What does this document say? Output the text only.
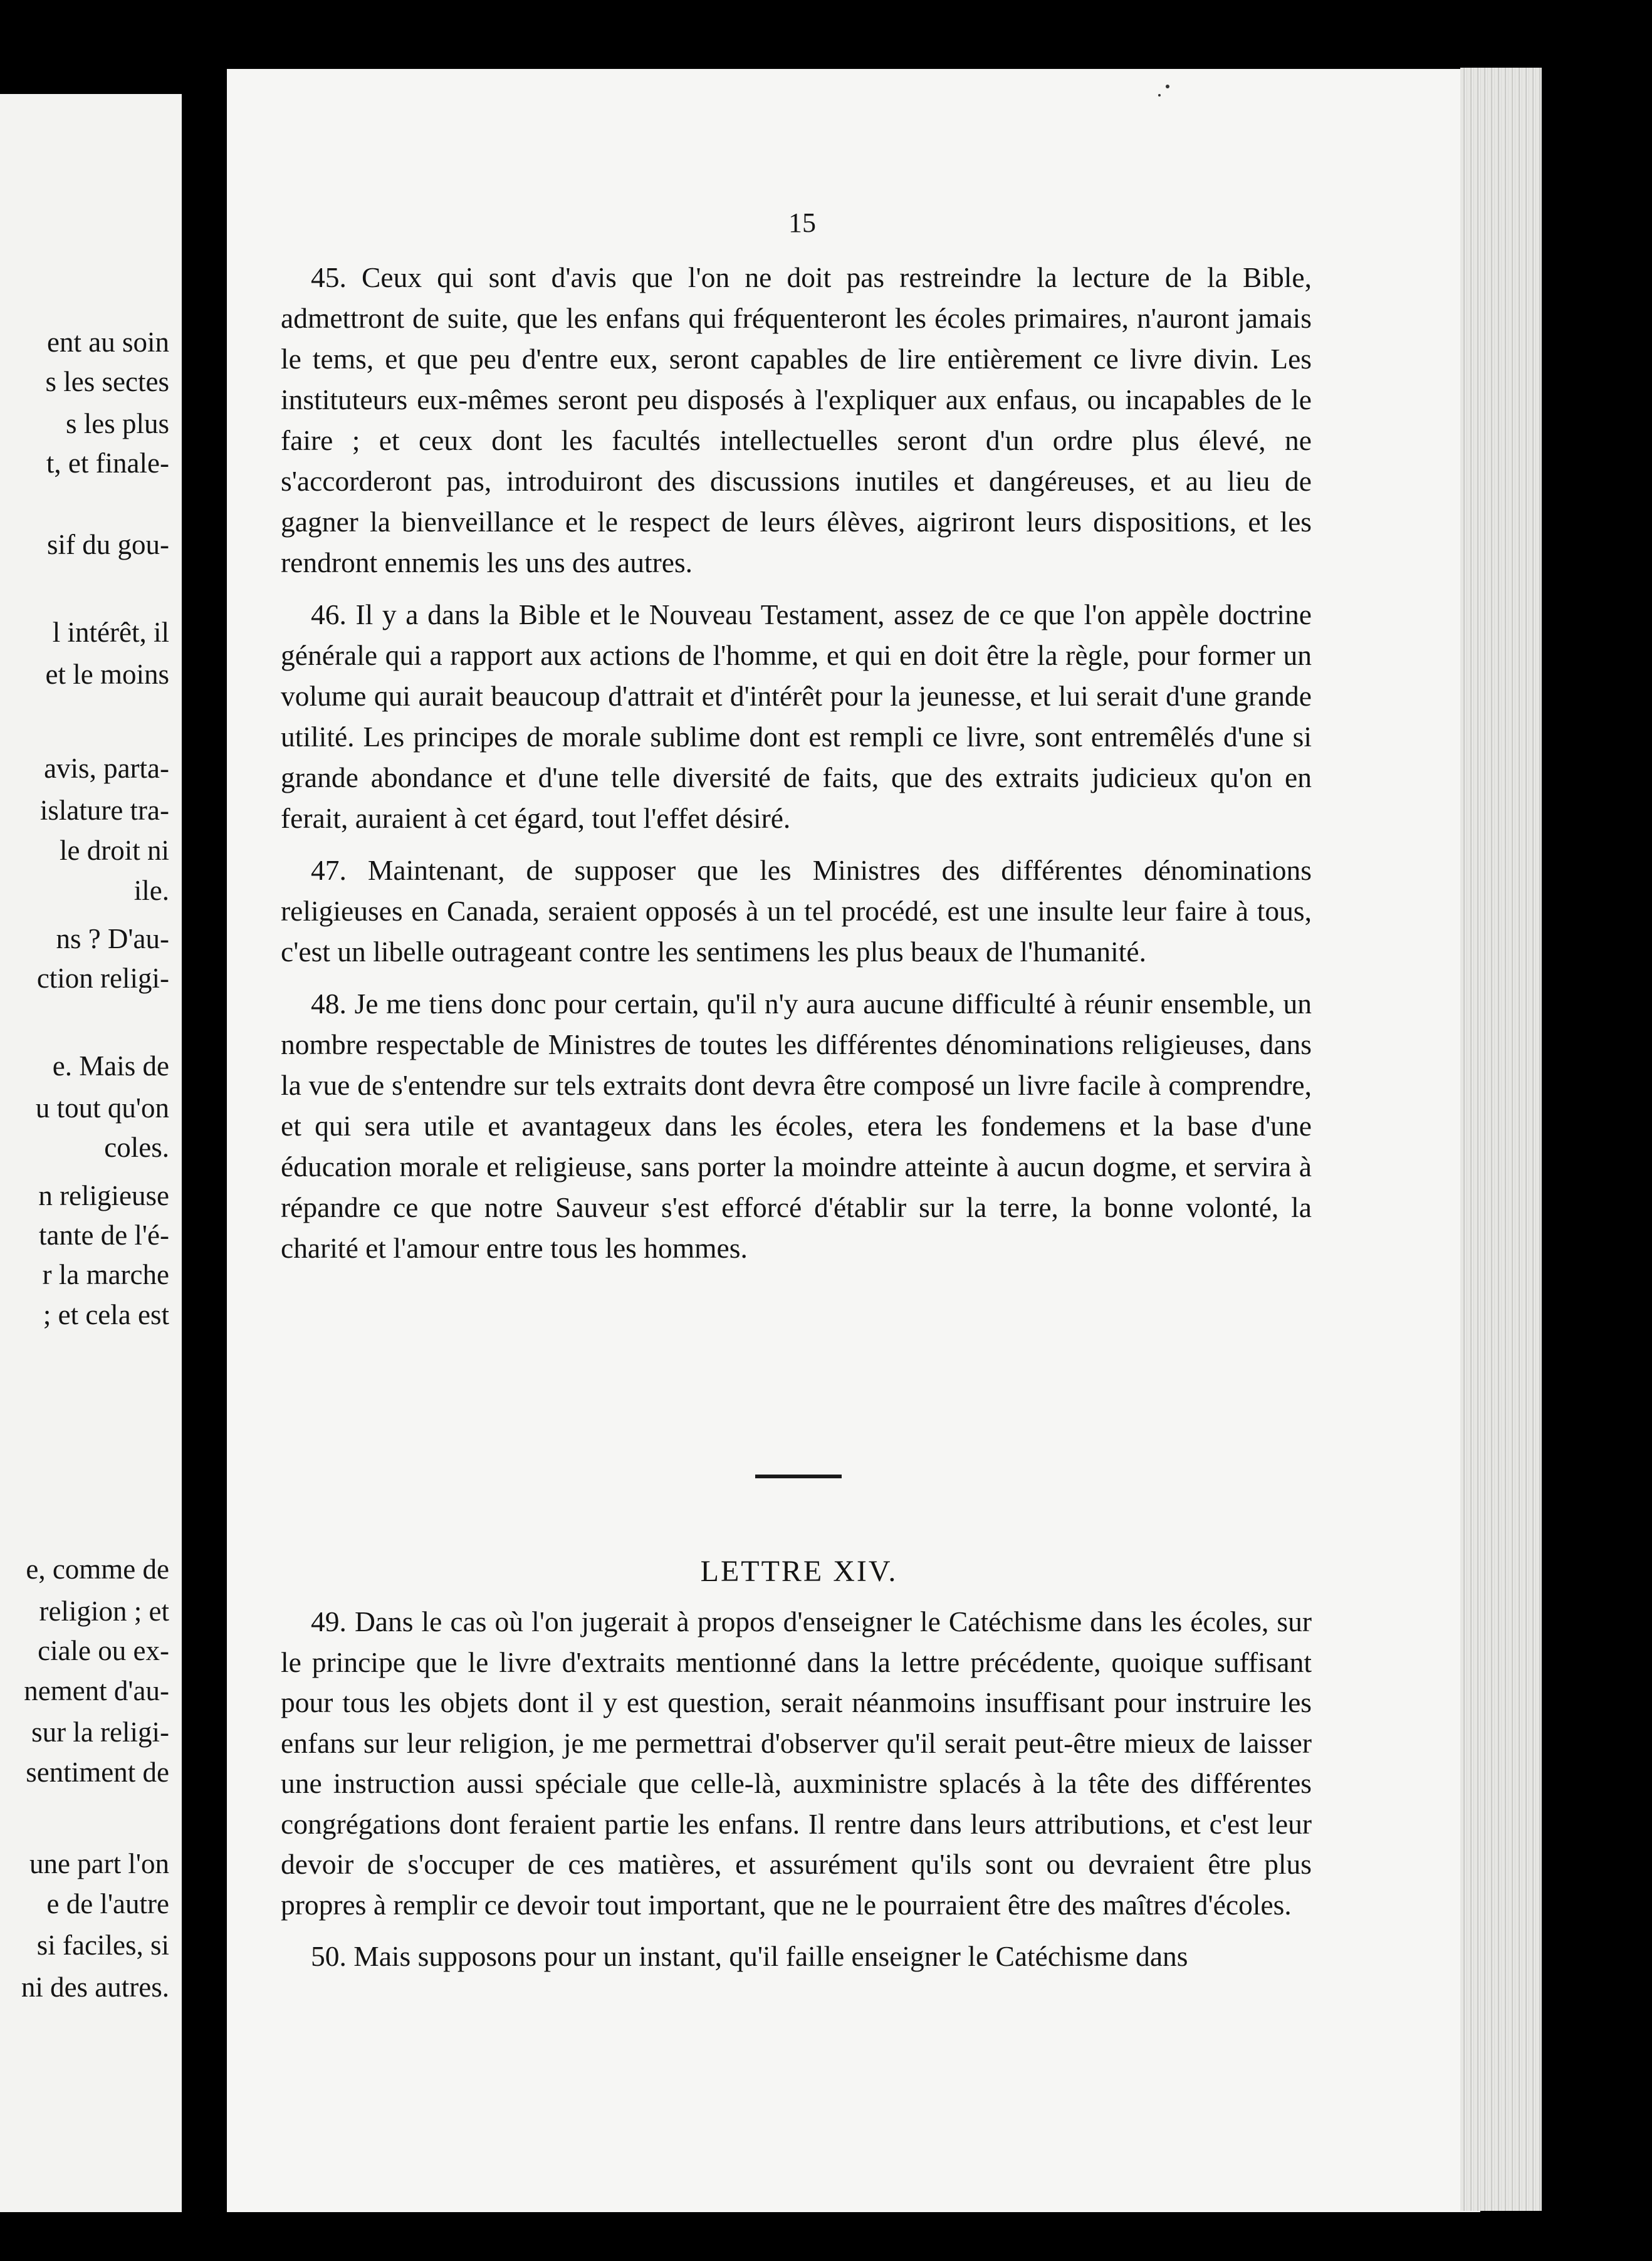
ent au soin
s les sectes
s les plus
t, et finale-
sif du gou-
l intérêt, il
et le moins
avis, parta-
islature tra-
le droit ni
ile.
ns ? D'au-
ction religi-
e. Mais de
u tout qu'on
coles.
n religieuse
tante de l'é-
r la marche
; et cela est
e, comme de
religion ; et
ciale ou ex-
nement d'au-
sur la religi-
sentiment de
une part l'on
e de l'autre
si faciles, si
ni des autres.
15

45. Ceux qui sont d'avis que l'on ne doit pas restreindre la lecture de la Bible, admettront de suite, que les enfans qui fréquenteront les écoles primaires, n'auront jamais le tems, et que peu d'entre eux, seront capables de lire entièrement ce livre divin. Les instituteurs eux-mêmes seront peu disposés à l'expliquer aux enfaus, ou incapables de le faire ; et ceux dont les facultés intellectuelles seront d'un ordre plus élevé, ne s'accorderont pas, introduiront des discussions inutiles et dangéreuses, et au lieu de gagner la bienveillance et le respect de leurs élèves, aigriront leurs dispositions, et les rendront ennemis les uns des autres.

46. Il y a dans la Bible et le Nouveau Testament, assez de ce que l'on appèle doctrine générale qui a rapport aux actions de l'homme, et qui en doit être la règle, pour former un volume qui aurait beaucoup d'attrait et d'intérêt pour la jeunesse, et lui serait d'une grande utilité. Les principes de morale sublime dont est rempli ce livre, sont entremêlés d'une si grande abondance et d'une telle diversité de faits, que des extraits judicieux qu'on en ferait, auraient à cet égard, tout l'effet désiré.

47. Maintenant, de supposer que les Ministres des différentes dénominations religieuses en Canada, seraient opposés à un tel procédé, est une insulte leur faire à tous, c'est un libelle outrageant contre les sentimens les plus beaux de l'humanité.

48. Je me tiens donc pour certain, qu'il n'y aura aucune difficulté à réunir ensemble, un nombre respectable de Ministres de toutes les différentes dénominations religieuses, dans la vue de s'entendre sur tels extraits dont devra être composé un livre facile à comprendre, et qui sera utile et avantageux dans les écoles, etera les fondemens et la base d'une éducation morale et religieuse, sans porter la moindre atteinte à aucun dogme, et servira à répandre ce que notre Sauveur s'est efforcé d'établir sur la terre, la bonne volonté, la charité et l'amour entre tous les hommes.

LETTRE XIV.

49. Dans le cas où l'on jugerait à propos d'enseigner le Catéchisme dans les écoles, sur le principe que le livre d'extraits mentionné dans la lettre précédente, quoique suffisant pour tous les objets dont il y est question, serait néanmoins insuffisant pour instruire les enfans sur leur religion, je me permettrai d'observer qu'il serait peut-être mieux de laisser une instruction aussi spéciale que celle-là, auxministre splacés à la tête des différentes congrégations dont feraient partie les enfans. Il rentre dans leurs attributions, et c'est leur devoir de s'occuper de ces matières, et assurément qu'ils sont ou devraient être plus propres à remplir ce devoir tout important, que ne le pourraient être des maîtres d'écoles.

50. Mais supposons pour un instant, qu'il faille enseigner le Catéchisme dans
